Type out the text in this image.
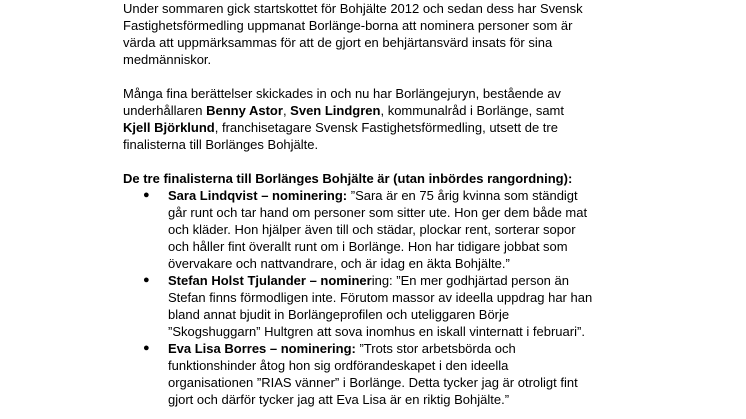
Under sommaren gick startskottet för Bohjälte 2012 och sedan dess har Svensk Fastighetsförmedling uppmanat Borlänge-borna att nominera personer som är värda att uppmärksammas för att de gjort en behjärtansvärd insats för sina medmänniskor.

Många fina berättelser skickades in och nu har Borlängejuryn, bestående av underhållaren Benny Astor, Sven Lindgren, kommunalråd i Borlänge, samt Kjell Björklund, franchisetagare Svensk Fastighetsförmedling, utsett de tre finalisterna till Borlänges Bohjälte.

De tre finalisterna till Borlänges Bohjälte är (utan inbördes rangordning):

● Sara Lindqvist – nominering: ”Sara är en 75 årig kvinna som ständigt går runt och tar hand om personer som sitter ute. Hon ger dem både mat och kläder. Hon hjälper även till och städar, plockar rent, sorterar sopor och håller fint överallt runt om i Borlänge. Hon har tidigare jobbat som övervakare och nattvandrare, och är idag en äkta Bohjälte.”
● Stefan Holst Tjulander – nominering: ”En mer godhjärtad person än Stefan finns förmodligen inte. Förutom massor av ideella uppdrag har han bland annat bjudit in Borlängeprofilen och uteliggaren Börje ”Skogshuggarn” Hultgren att sova inomhus en iskall vinternatt i februari”.
● Eva Lisa Borres – nominering: ”Trots stor arbetsbörda och funktionshinder åtog hon sig ordförandeskapet i den ideella organisationen ”RIAS vänner” i Borlänge. Detta tycker jag är otroligt fint gjort och därför tycker jag att Eva Lisa är en riktig Bohjälte.”
